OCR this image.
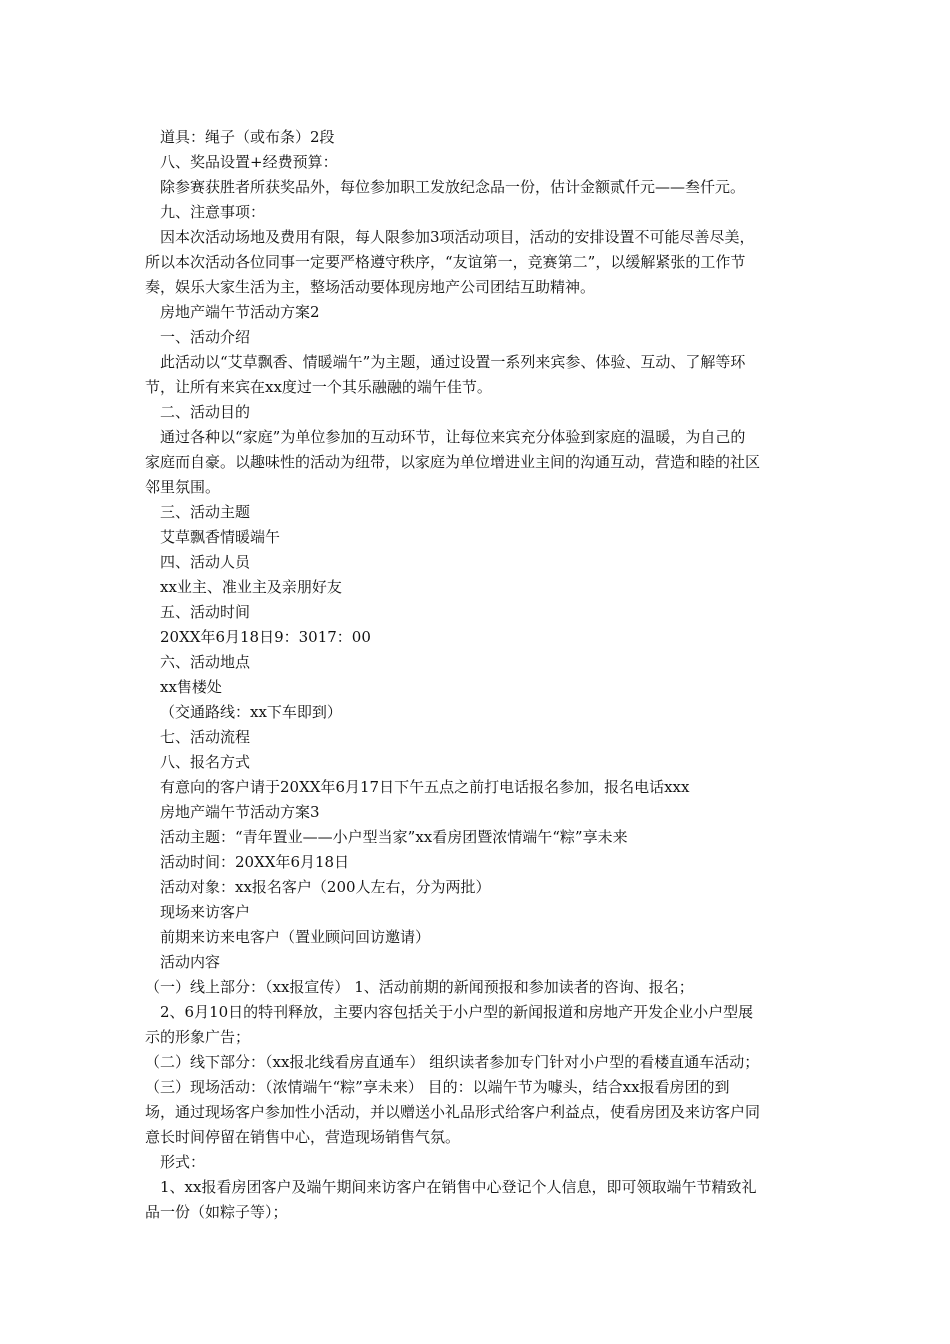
道具：绳子（或布条）2段
八、奖品设置+经费预算：
除参赛获胜者所获奖品外，每位参加职工发放纪念品一份，估计金额贰仟元——叁仟元。
九、注意事项：
因本次活动场地及费用有限，每人限参加3项活动项目，活动的安排设置不可能尽善尽美，
所以本次活动各位同事一定要严格遵守秩序，“友谊第一，竞赛第二”，以缓解紧张的工作节
奏，娱乐大家生活为主，整场活动要体现房地产公司团结互助精神。
房地产端午节活动方案2
一、活动介绍
此活动以“艾草飘香、情暖端午”为主题，通过设置一系列来宾参、体验、互动、了解等环
节，让所有来宾在xx度过一个其乐融融的端午佳节。
二、活动目的
通过各种以“家庭”为单位参加的互动环节，让每位来宾充分体验到家庭的温暖，为自己的
家庭而自豪。以趣味性的活动为纽带，以家庭为单位增进业主间的沟通互动，营造和睦的社区
邻里氛围。
三、活动主题
艾草飘香情暖端午
四、活动人员
xx业主、准业主及亲朋好友
五、活动时间
20XX年6月18日9：3017：00
六、活动地点
xx售楼处
（交通路线：xx下车即到）
七、活动流程
八、报名方式
有意向的客户请于20XX年6月17日下午五点之前打电话报名参加，报名电话xxx
房地产端午节活动方案3
活动主题：“青年置业——小户型当家”xx看房团暨浓情端午“粽”享未来
活动时间：20XX年6月18日
活动对象：xx报名客户（200人左右，分为两批）
现场来访客户
前期来访来电客户（置业顾问回访邀请）
活动内容
（一）线上部分：（xx报宣传） 1、活动前期的新闻预报和参加读者的咨询、报名；
2、6月10日的特刊释放，主要内容包括关于小户型的新闻报道和房地产开发企业小户型展
示的形象广告；
（二）线下部分：（xx报北线看房直通车） 组织读者参加专门针对小户型的看楼直通车活动；
（三）现场活动：（浓情端午“粽”享未来） 目的：以端午节为噱头，结合xx报看房团的到
场，通过现场客户参加性小活动，并以赠送小礼品形式给客户利益点，使看房团及来访客户同
意长时间停留在销售中心，营造现场销售气氛。
形式：
1、xx报看房团客户及端午期间来访客户在销售中心登记个人信息，即可领取端午节精致礼
品一份（如粽子等）；
